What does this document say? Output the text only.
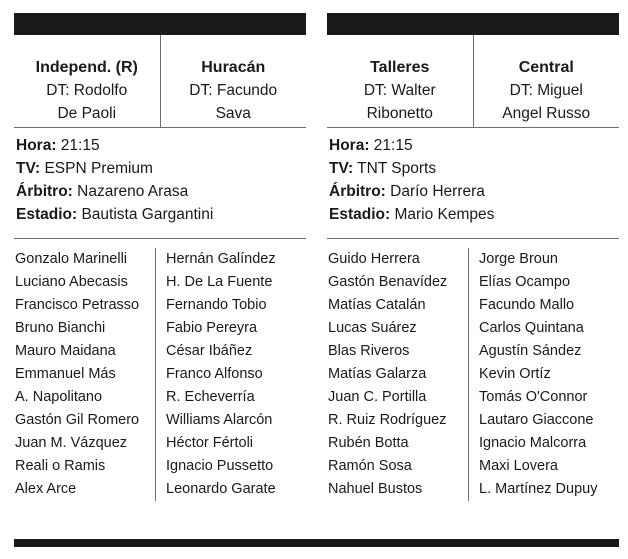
Independ. (R)
DT: Rodolfo
De Paoli
Huracán
DT: Facundo
Sava
Hora: 21:15
TV: ESPN Premium
Árbitro: Nazareno Arasa
Estadio: Bautista Gargantini
Gonzalo Marinelli
Luciano Abecasis
Francisco Petrasso
Bruno Bianchi
Mauro Maidana
Emmanuel Más
A. Napolitano
Gastón Gil Romero
Juan M. Vázquez
Reali o Ramis
Alex Arce
Hernán Galíndez
H. De La Fuente
Fernando Tobio
Fabio Pereyra
César Ibáñez
Franco Alfonso
R. Echeverría
Williams Alarcón
Héctor Fértoli
Ignacio Pussetto
Leonardo Garate
Talleres
DT: Walter
Ribonetto
Central
DT: Miguel
Angel Russo
Hora: 21:15
TV: TNT Sports
Árbitro: Darío Herrera
Estadio: Mario Kempes
Guido Herrera
Gastón Benavídez
Matías Catalán
Lucas Suárez
Blas Riveros
Matías Galarza
Juan C. Portilla
R. Ruiz Rodríguez
Rubén Botta
Ramón Sosa
Nahuel Bustos
Jorge Broun
Elías Ocampo
Facundo Mallo
Carlos Quintana
Agustín Sández
Kevin Ortíz
Tomás O'Connor
Lautaro Giaccone
Ignacio Malcorra
Maxi Lovera
L. Martínez Dupuy
